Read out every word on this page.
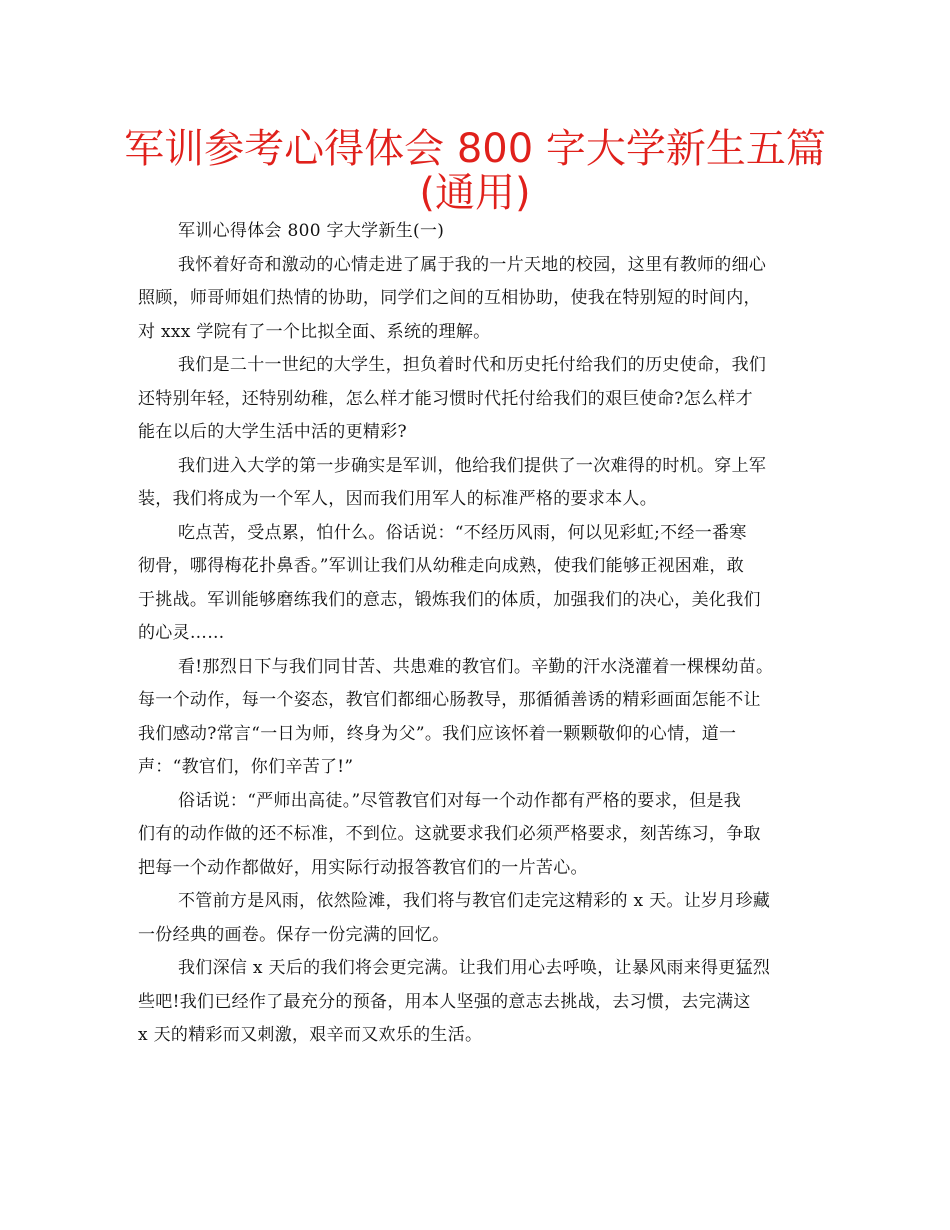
军训参考心得体会 800 字大学新生五篇
(通用)

军训心得体会 800 字大学新生(一)

我怀着好奇和激动的心情走进了属于我的一片天地的校园，这里有教师的细心
照顾，师哥师姐们热情的协助，同学们之间的互相协助，使我在特别短的时间内，
对 xxx 学院有了一个比拟全面、系统的理解。

我们是二十一世纪的大学生，担负着时代和历史托付给我们的历史使命，我们
还特别年轻，还特别幼稚，怎么样才能习惯时代托付给我们的艰巨使命?怎么样才
能在以后的大学生活中活的更精彩?

我们进入大学的第一步确实是军训，他给我们提供了一次难得的时机。穿上军
装，我们将成为一个军人，因而我们用军人的标准严格的要求本人。

吃点苦，受点累，怕什么。俗话说：“不经历风雨，何以见彩虹;不经一番寒
彻骨，哪得梅花扑鼻香。”军训让我们从幼稚走向成熟，使我们能够正视困难，敢
于挑战。军训能够磨练我们的意志，锻炼我们的体质，加强我们的决心，美化我们
的心灵……

看!那烈日下与我们同甘苦、共患难的教官们。辛勤的汗水浇灌着一棵棵幼苗。
每一个动作，每一个姿态，教官们都细心肠教导，那循循善诱的精彩画面怎能不让
我们感动?常言“一日为师，终身为父”。我们应该怀着一颗颗敬仰的心情，道一
声：“教官们，你们辛苦了!”

俗话说：“严师出高徒。”尽管教官们对每一个动作都有严格的要求，但是我
们有的动作做的还不标准，不到位。这就要求我们必须严格要求，刻苦练习，争取
把每一个动作都做好，用实际行动报答教官们的一片苦心。

不管前方是风雨，依然险滩，我们将与教官们走完这精彩的 x 天。让岁月珍藏
一份经典的画卷。保存一份完满的回忆。

我们深信 x 天后的我们将会更完满。让我们用心去呼唤，让暴风雨来得更猛烈
些吧!我们已经作了最充分的预备，用本人坚强的意志去挑战，去习惯，去完满这
x 天的精彩而又刺激，艰辛而又欢乐的生活。
